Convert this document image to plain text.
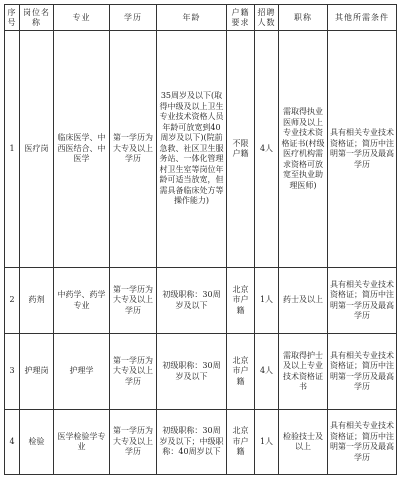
序号	岗位名称	专业	学历	年龄	户籍要求	招聘人数	职称	其他所需条件
1	医疗岗	临床医学、中西医结合、中医学	第一学历为大专及以上学历	35周岁及以下(取得中级及以上卫生专业技术资格人员年龄可放宽到40周岁及以下)(院前急救、社区卫生服务站、一体化管理村卫生室等岗位年龄可适当放宽，但需具备临床处方等操作能力)	不限户籍	4人	需取得执业医师及以上专业技术资格证书(村级医疗机构需求资格可放宽至执业助理医师)	具有相关专业技术资格证；简历中注明第一学历及最高学历
2	药剂	中药学、药学专业	第一学历为大专及以上学历	初级职称：30周岁及以下	北京市户籍	1人	药士及以上	具有相关专业技术资格证；简历中注明第一学历及最高学历
3	护理岗	护理学	第一学历为大专及以上学历	初级职称：30周岁及以下	北京市户籍	4人	需取得护士及以上专业技术资格证书	具有相关专业技术资格证；简历中注明第一学历及最高学历
4	检验	医学检验学专业	第一学历为大专及以上学历	初级职称：30周岁及以下；中级职称：40周岁以下	北京市户籍	1人	检验技士及以上	具有相关专业技术资格证；简历中注明第一学历及最高学历
